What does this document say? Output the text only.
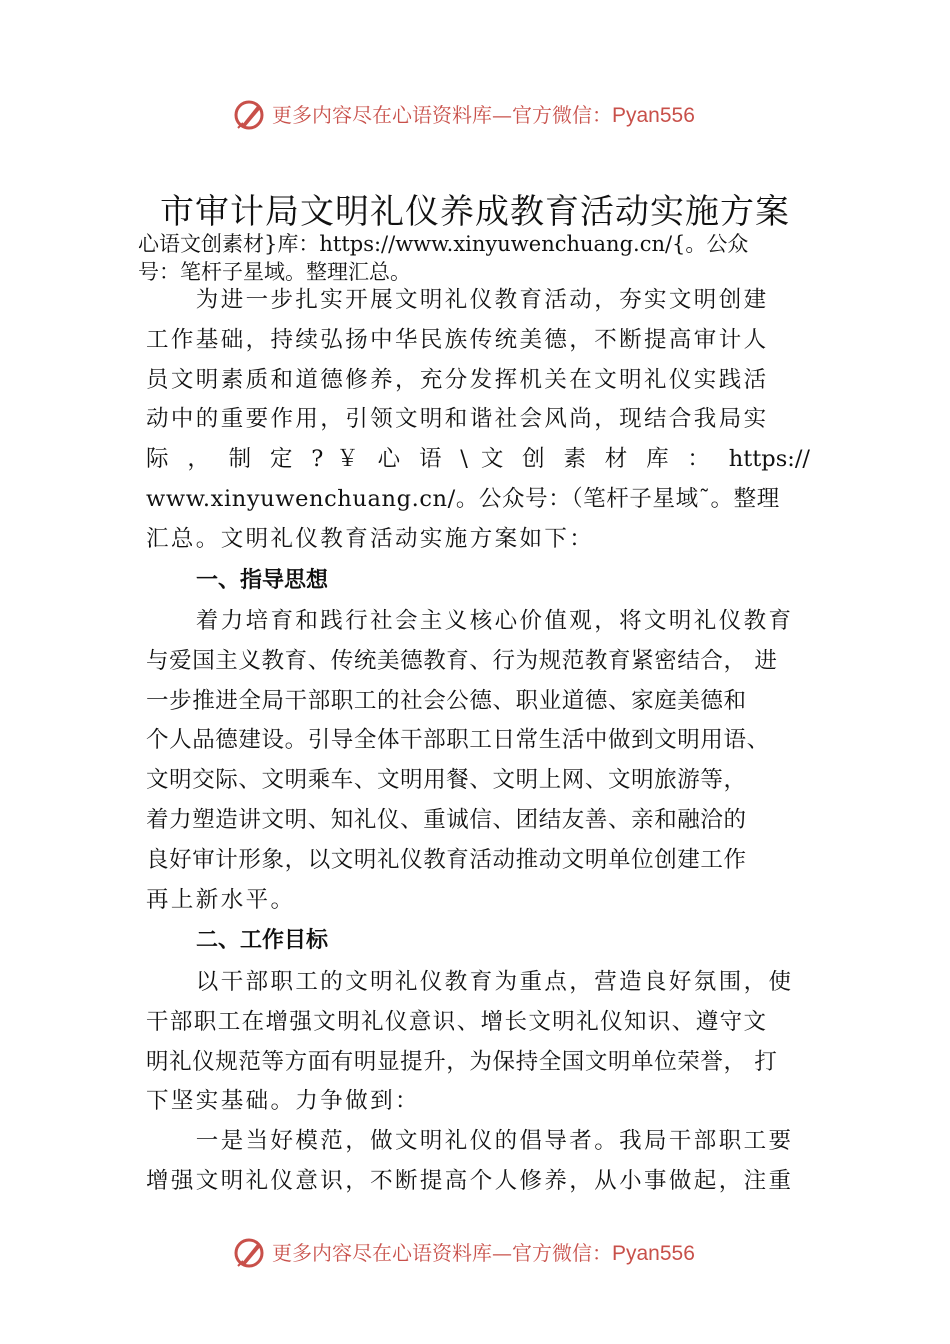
更多内容尽在心语资料库—官方微信：Pyan556
市审计局文明礼仪养成教育活动实施方案
心语文创素材}库：https://www.xinyuwenchuang.cn/{。公众
号：笔杆子星域。整理汇总。
　　为进一步扎实开展文明礼仪教育活动，夯实文明创建
工作基础，持续弘扬中华民族传统美德，不断提高审计人
员文明素质和道德修养，充分发挥机关在文明礼仪实践活
动中的重要作用，引领文明和谐社会风尚，现结合我局实
际 ， 制 定 ? ￥ 心 语 \ 文 创 素 材 库 ： https://
www.xinyuwenchuang.cn/。公众号：（笔杆子星域˜。整理
汇总。文明礼仪教育活动实施方案如下：
一、指导思想
　　着力培育和践行社会主义核心价值观，将文明礼仪教育
与爱国主义教育、传统美德教育、行为规范教育紧密结合， 进
一步推进全局干部职工的社会公德、职业道德、家庭美德和
个人品德建设。引导全体干部职工日常生活中做到文明用语、
文明交际、文明乘车、文明用餐、文明上网、文明旅游等，
着力塑造讲文明、知礼仪、重诚信、团结友善、亲和融洽的
良好审计形象，以文明礼仪教育活动推动文明单位创建工作
再上新水平。
二、工作目标
　　以干部职工的文明礼仪教育为重点，营造良好氛围，使
干部职工在增强文明礼仪意识、增长文明礼仪知识、遵守文
明礼仪规范等方面有明显提升，为保持全国文明单位荣誉， 打
下坚实基础。力争做到：
　　一是当好模范，做文明礼仪的倡导者。我局干部职工要
增强文明礼仪意识，不断提高个人修养，从小事做起，注重
更多内容尽在心语资料库—官方微信：Pyan556
